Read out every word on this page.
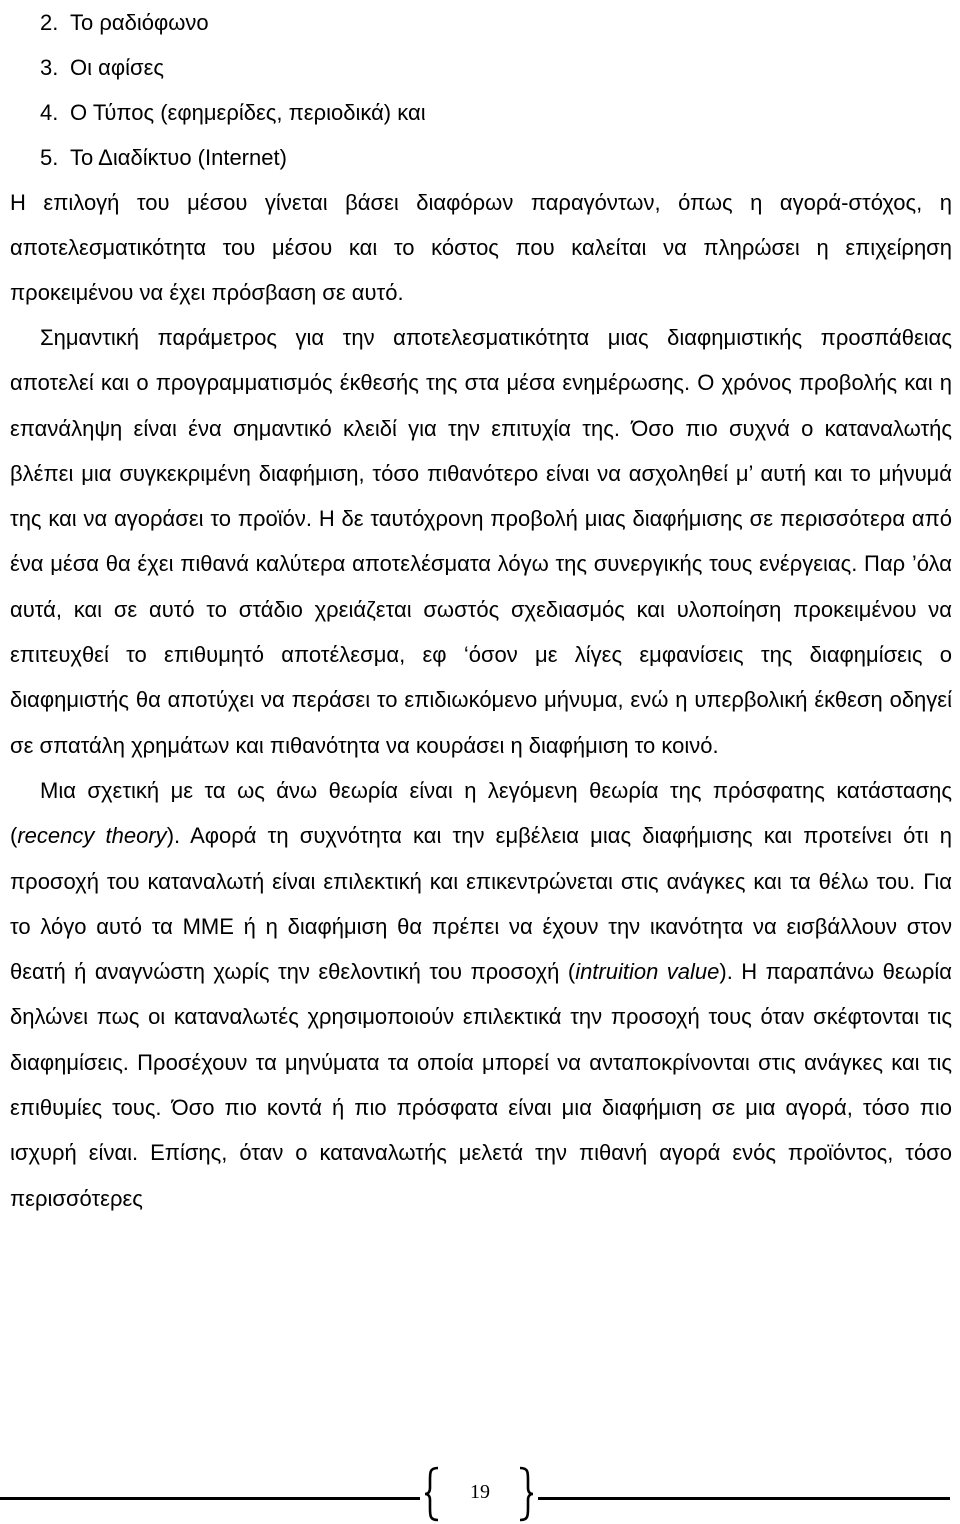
2. Το ραδιόφωνο
3. Οι αφίσες
4. Ο Τύπος (εφημερίδες, περιοδικά) και
5. Το Διαδίκτυο (Internet)

Η επιλογή του μέσου γίνεται βάσει διαφόρων παραγόντων, όπως η αγορά-στόχος, η αποτελεσματικότητα του μέσου και το κόστος που καλείται να πληρώσει η επιχείρηση προκειμένου να έχει πρόσβαση σε αυτό.

Σημαντική παράμετρος για την αποτελεσματικότητα μιας διαφημιστικής προσπάθειας αποτελεί και ο προγραμματισμός έκθεσής της στα μέσα ενημέρωσης. Ο χρόνος προβολής και η επανάληψη είναι ένα σημαντικό κλειδί για την επιτυχία της. Όσο πιο συχνά ο καταναλωτής βλέπει μια συγκεκριμένη διαφήμιση, τόσο πιθανότερο είναι να ασχοληθεί μ’ αυτή και το μήνυμά της και να αγοράσει το προϊόν. Η δε ταυτόχρονη προβολή μιας διαφήμισης σε περισσότερα από ένα μέσα θα έχει πιθανά καλύτερα αποτελέσματα λόγω της συνεργικής τους ενέργειας. Παρ ’όλα αυτά, και σε αυτό το στάδιο χρειάζεται σωστός σχεδιασμός και υλοποίηση προκειμένου να επιτευχθεί το επιθυμητό αποτέλεσμα, εφ ‘όσον με λίγες εμφανίσεις της διαφημίσεις ο διαφημιστής θα αποτύχει να περάσει το επιδιωκόμενο μήνυμα, ενώ η υπερβολική έκθεση οδηγεί σε σπατάλη χρημάτων και πιθανότητα να κουράσει η διαφήμιση το κοινό.

Μια σχετική με τα ως άνω θεωρία είναι η λεγόμενη θεωρία της πρόσφατης κατάστασης (recency theory). Αφορά τη συχνότητα και την εμβέλεια μιας διαφήμισης και προτείνει ότι η προσοχή του καταναλωτή είναι επιλεκτική και επικεντρώνεται στις ανάγκες και τα θέλω του. Για το λόγο αυτό τα ΜΜΕ ή η διαφήμιση θα πρέπει να έχουν την ικανότητα να εισβάλλουν στον θεατή ή αναγνώστη χωρίς την εθελοντική του προσοχή (intruition value). Η παραπάνω θεωρία δηλώνει πως οι καταναλωτές χρησιμοποιούν επιλεκτικά την προσοχή τους όταν σκέφτονται τις διαφημίσεις. Προσέχουν τα μηνύματα τα οποία μπορεί να ανταποκρίνονται στις ανάγκες και τις επιθυμίες τους. Όσο πιο κοντά ή πιο πρόσφατα είναι μια διαφήμιση σε μια αγορά, τόσο πιο ισχυρή είναι. Επίσης, όταν ο καταναλωτής μελετά την πιθανή αγορά ενός προϊόντος, τόσο περισσότερες

19
